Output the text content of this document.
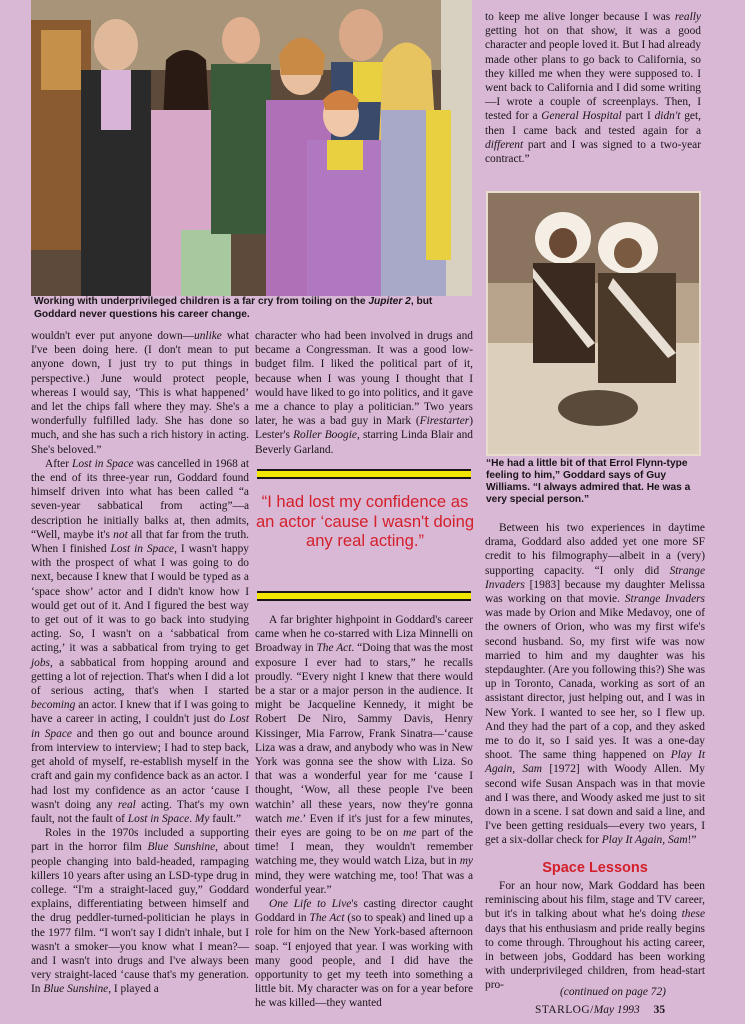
Working with underprivileged children is a far cry from toiling on the Jupiter 2, but Goddard never questions his career change.
“He had a little bit of that Errol Flynn-type feeling to him,” Goddard says of Guy Williams. “I always admired that. He was a very special person.”

to keep me alive longer because I was really getting hot on that show, it was a good character and people loved it. But I had already made other plans to go back to California, so they killed me when they were supposed to. I went back to California and I did some writing—I wrote a couple of screenplays. Then, I tested for a General Hospital part I didn't get, then I came back and tested again for a different part and I was signed to a two-year contract.”

wouldn't ever put anyone down—unlike what I've been doing here. (I don't mean to put anyone down, I just try to put things in perspective.) June would protect people, whereas I would say, ‘This is what happened’ and let the chips fall where they may. She's a wonderfully fulfilled lady. She has done so much, and she has such a rich history in acting. She's beloved.”

After Lost in Space was cancelled in 1968 at the end of its three-year run, Goddard found himself driven into what has been called “a seven-year sabbatical from acting”—a description he initially balks at, then admits, “Well, maybe it's not all that far from the truth. When I finished Lost in Space, I wasn't happy with the prospect of what I was going to do next, because I knew that I would be typed as a ‘space show’ actor and I didn't know how I would get out of it. And I figured the best way to get out of it was to go back into studying acting. So, I wasn't on a ‘sabbatical from acting,’ it was a sabbatical from trying to get jobs, a sabbatical from hopping around and getting a lot of rejection. That's when I did a lot of serious acting, that's when I started becoming an actor. I knew that if I was going to have a career in acting, I couldn't just do Lost in Space and then go out and bounce around from interview to interview; I had to step back, get ahold of myself, re-establish myself in the craft and gain my confidence back as an actor. I had lost my confidence as an actor ‘cause I wasn't doing any real acting. That's my own fault, not the fault of Lost in Space. My fault.”

Roles in the 1970s included a supporting part in the horror film Blue Sunshine, about people changing into bald-headed, rampaging killers 10 years after using an LSD-type drug in college. “I'm a straight-laced guy,” Goddard explains, differentiating between himself and the drug peddler-turned-politician he plays in the 1977 film. “I won't say I didn't inhale, but I wasn't a smoker—you know what I mean?—and I wasn't into drugs and I've always been very straight-laced ‘cause that's my generation. In Blue Sunshine, I played a

character who had been involved in drugs and became a Congressman. It was a good low-budget film. I liked the political part of it, because when I was young I thought that I would have liked to go into politics, and it gave me a chance to play a politician.” Two years later, he was a bad guy in Mark (Firestarter) Lester's Roller Boogie, starring Linda Blair and Beverly Garland.

“I had lost my confidence as an actor ‘cause I wasn't doing any real acting.”

A far brighter highpoint in Goddard's career came when he co-starred with Liza Minnelli on Broadway in The Act. “Doing that was the most exposure I ever had to stars,” he recalls proudly. “Every night I knew that there would be a star or a major person in the audience. It might be Jacqueline Kennedy, it might be Robert De Niro, Sammy Davis, Henry Kissinger, Mia Farrow, Frank Sinatra—‘cause Liza was a draw, and anybody who was in New York was gonna see the show with Liza. So that was a wonderful year for me ‘cause I thought, ‘Wow, all these people I've been watchin’ all these years, now they're gonna watch me.’ Even if it's just for a few minutes, their eyes are going to be on me part of the time! I mean, they wouldn't remember watching me, they would watch Liza, but in my mind, they were watching me, too! That was a wonderful year.”

One Life to Live's casting director caught Goddard in The Act (so to speak) and lined up a role for him on the New York-based afternoon soap. “I enjoyed that year. I was working with many good people, and I did have the opportunity to get my teeth into something a little bit. My character was on for a year before he was killed—they wanted

Between his two experiences in daytime drama, Goddard also added yet one more SF credit to his filmography—albeit in a (very) supporting capacity. “I only did Strange Invaders [1983] because my daughter Melissa was working on that movie. Strange Invaders was made by Orion and Mike Medavoy, one of the owners of Orion, who was my first wife's second husband. So, my first wife was now married to him and my daughter was his stepdaughter. (Are you following this?) She was up in Toronto, Canada, working as sort of an assistant director, just helping out, and I was in New York. I wanted to see her, so I flew up. And they had the part of a cop, and they asked me to do it, so I said yes. It was a one-day shoot. The same thing happened on Play It Again, Sam [1972] with Woody Allen. My second wife Susan Anspach was in that movie and I was there, and Woody asked me just to sit down in a scene. I sat down and said a line, and I've been getting residuals—every two years, I get a six-dollar check for Play It Again, Sam!”

Space Lessons

For an hour now, Mark Goddard has been reminiscing about his film, stage and TV career, but it's in talking about what he's doing these days that his enthusiasm and pride really begins to come through. Throughout his acting career, in between jobs, Goddard has been working with underprivileged children, from head-start pro-

(continued on page 72)
STARLOG/May 1993 35
